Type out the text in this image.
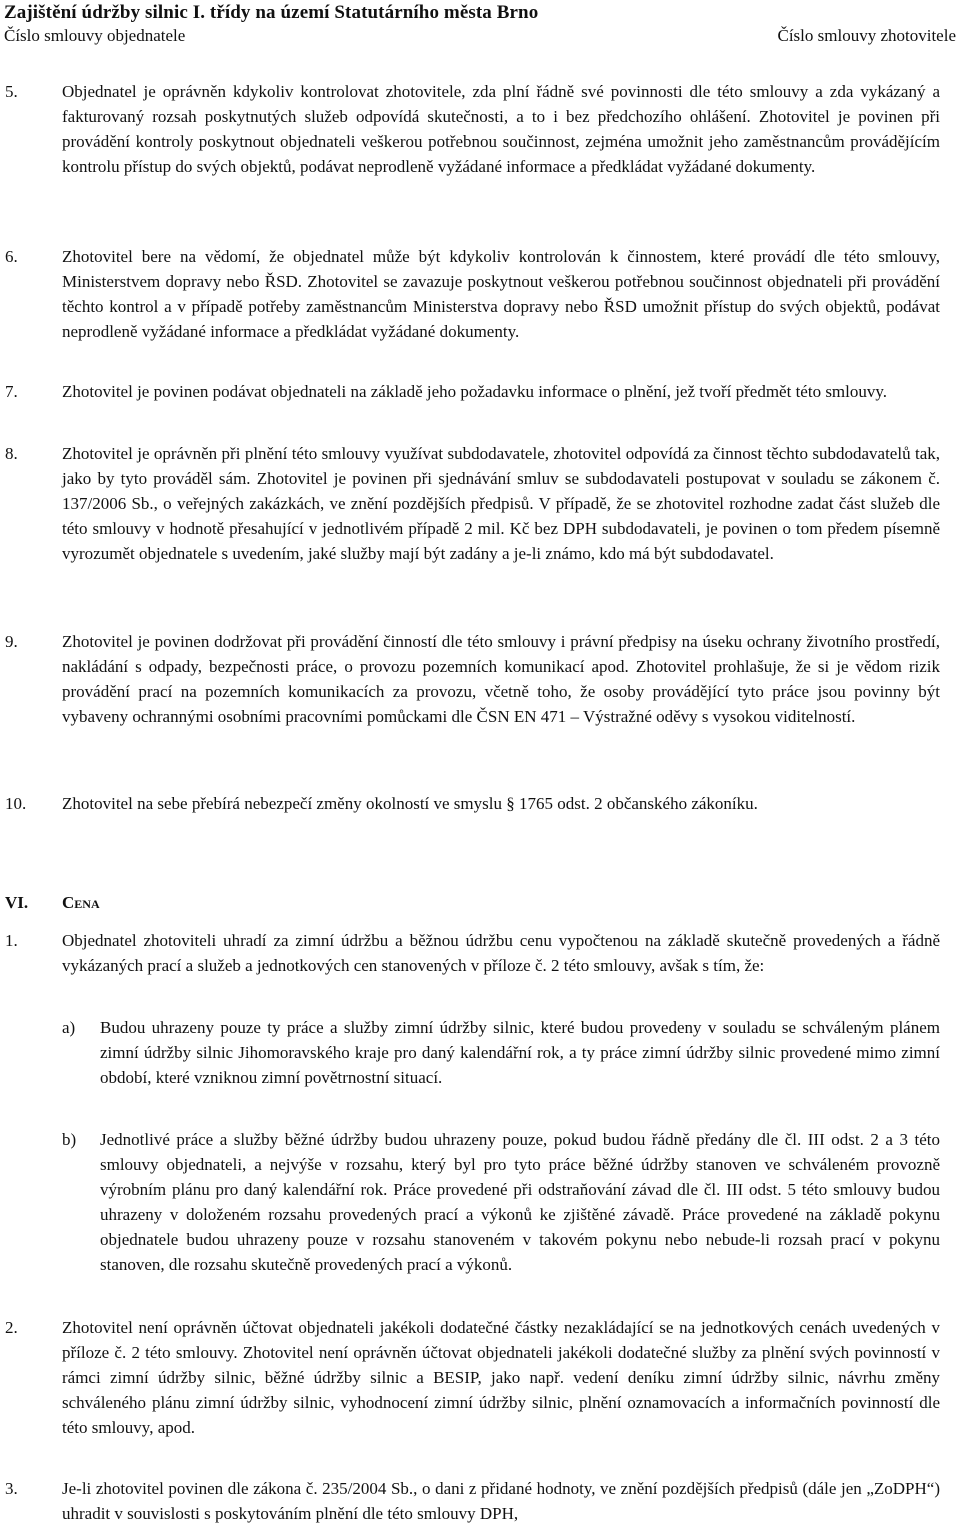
Zajištění údržby silnic I. třídy na území Statutárního města Brno
Číslo smlouvy objednatele	Číslo smlouvy zhotovitele
5.	Objednatel je oprávněn kdykoliv kontrolovat zhotovitele, zda plní řádně své povinnosti dle této smlouvy a zda vykázaný a fakturovaný rozsah poskytnutých služeb odpovídá skutečnosti, a to i bez předchozího ohlášení. Zhotovitel je povinen při provádění kontroly poskytnout objednateli veškerou potřebnou součinnost, zejména umožnit jeho zaměstnancům provádějícím kontrolu přístup do svých objektů, podávat neprodleně vyžádané informace a předkládat vyžádané dokumenty.
6.	Zhotovitel bere na vědomí, že objednatel může být kdykoliv kontrolován k činnostem, které provádí dle této smlouvy, Ministerstvem dopravy nebo ŘSD. Zhotovitel se zavazuje poskytnout veškerou potřebnou součinnost objednateli při provádění těchto kontrol a v případě potřeby zaměstnancům Ministerstva dopravy nebo ŘSD umožnit přístup do svých objektů, podávat neprodleně vyžádané informace a předkládat vyžádané dokumenty.
7.	Zhotovitel je povinen podávat objednateli na základě jeho požadavku informace o plnění, jež tvoří předmět této smlouvy.
8.	Zhotovitel je oprávněn při plnění této smlouvy využívat subdodavatele, zhotovitel odpovídá za činnost těchto subdodavatelů tak, jako by tyto prováděl sám. Zhotovitel je povinen při sjednávání smluv se subdodavateli postupovat v souladu se zákonem č. 137/2006 Sb., o veřejných zakázkách, ve znění pozdějších předpisů. V případě, že se zhotovitel rozhodne zadat část služeb dle této smlouvy v hodnotě přesahující v jednotlivém případě 2 mil. Kč bez DPH subdodavateli, je povinen o tom předem písemně vyrozumět objednatele s uvedením, jaké služby mají být zadány a je-li známo, kdo má být subdodavatel.
9.	Zhotovitel je povinen dodržovat při provádění činností dle této smlouvy i právní předpisy na úseku ochrany životního prostředí, nakládání s odpady, bezpečnosti práce, o provozu pozemních komunikací apod. Zhotovitel prohlašuje, že si je vědom rizik provádění prací na pozemních komunikacích za provozu, včetně toho, že osoby provádějící tyto práce jsou povinny být vybaveny ochrannými osobními pracovními pomůckami dle ČSN EN 471 – Výstražné oděvy s vysokou viditelností.
10. Zhotovitel na sebe přebírá nebezpečí změny okolností ve smyslu § 1765 odst. 2 občanského zákoníku.
VI. Cena
1.	Objednatel zhotoviteli uhradí za zimní údržbu a běžnou údržbu cenu vypočtenou na základě skutečně provedených a řádně vykázaných prací a služeb a jednotkových cen stanovených v příloze č. 2 této smlouvy, avšak s tím, že:
a) Budou uhrazeny pouze ty práce a služby zimní údržby silnic, které budou provedeny v souladu se schváleným plánem zimní údržby silnic Jihomoravského kraje pro daný kalendářní rok, a ty práce zimní údržby silnic provedené mimo zimní období, které vzniknou zimní povětrnostní situací.
b) Jednotlivé práce a služby běžné údržby budou uhrazeny pouze, pokud budou řádně předány dle čl. III odst. 2 a 3 této smlouvy objednateli, a nejvýše v rozsahu, který byl pro tyto práce běžné údržby stanoven ve schváleném provozně výrobním plánu pro daný kalendářní rok. Práce provedené při odstraňování závad dle čl. III odst. 5 této smlouvy budou uhrazeny v doloženém rozsahu provedených prací a výkonů ke zjištěné závadě. Práce provedené na základě pokynu objednatele budou uhrazeny pouze v rozsahu stanoveném v takovém pokynu nebo nebude-li rozsah prací v pokynu stanoven, dle rozsahu skutečně provedených prací a výkonů.
2.	Zhotovitel není oprávněn účtovat objednateli jakékoli dodatečné částky nezakládající se na jednotkových cenách uvedených v příloze č. 2 této smlouvy. Zhotovitel není oprávněn účtovat objednateli jakékoli dodatečné služby za plnění svých povinností v rámci zimní údržby silnic, běžné údržby silnic a BESIP, jako např. vedení deníku zimní údržby silnic, návrhu změny schváleného plánu zimní údržby silnic, vyhodnocení zimní údržby silnic, plnění oznamovacích a informačních povinností dle této smlouvy, apod.
3.	Je-li zhotovitel povinen dle zákona č. 235/2004 Sb., o dani z přidané hodnoty, ve znění pozdějších předpisů (dále jen „ZoDPH“) uhradit v souvislosti s poskytováním plnění dle této smlouvy DPH,
